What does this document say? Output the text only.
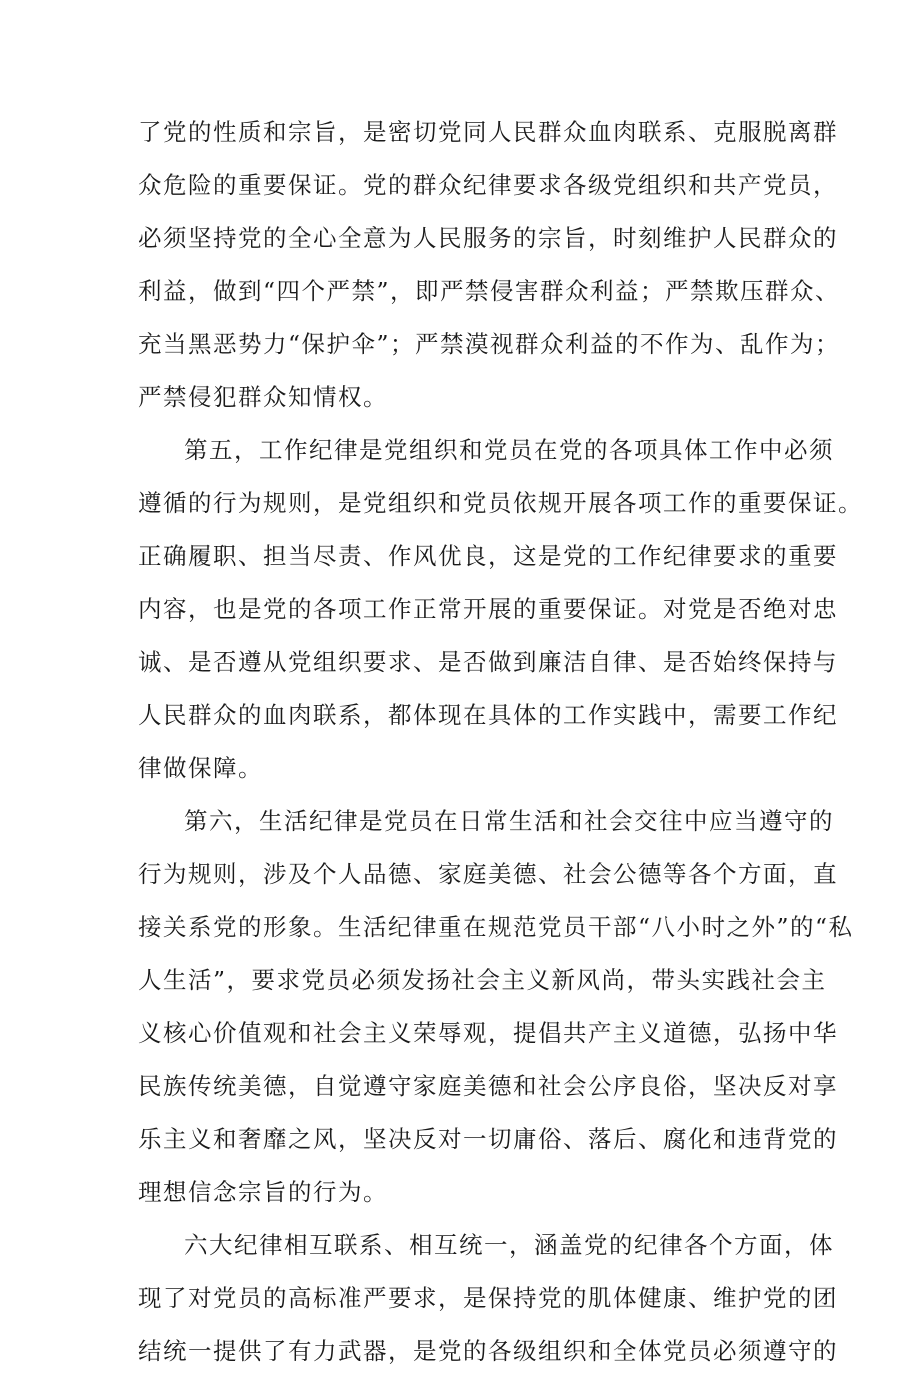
了党的性质和宗旨，是密切党同人民群众血肉联系、克服脱离群
众危险的重要保证。党的群众纪律要求各级党组织和共产党员，
必须坚持党的全心全意为人民服务的宗旨，时刻维护人民群众的
利益，做到“四个严禁”，即严禁侵害群众利益；严禁欺压群众、
充当黑恶势力“保护伞”；严禁漠视群众利益的不作为、乱作为；
严禁侵犯群众知情权。
第五，工作纪律是党组织和党员在党的各项具体工作中必须
遵循的行为规则，是党组织和党员依规开展各项工作的重要保证。
正确履职、担当尽责、作风优良，这是党的工作纪律要求的重要
内容，也是党的各项工作正常开展的重要保证。对党是否绝对忠
诚、是否遵从党组织要求、是否做到廉洁自律、是否始终保持与
人民群众的血肉联系，都体现在具体的工作实践中，需要工作纪
律做保障。
第六，生活纪律是党员在日常生活和社会交往中应当遵守的
行为规则，涉及个人品德、家庭美德、社会公德等各个方面，直
接关系党的形象。生活纪律重在规范党员干部“八小时之外”的“私
人生活”，要求党员必须发扬社会主义新风尚，带头实践社会主
义核心价值观和社会主义荣辱观，提倡共产主义道德，弘扬中华
民族传统美德，自觉遵守家庭美德和社会公序良俗，坚决反对享
乐主义和奢靡之风，坚决反对一切庸俗、落后、腐化和违背党的
理想信念宗旨的行为。
六大纪律相互联系、相互统一，涵盖党的纪律各个方面，体
现了对党员的高标准严要求，是保持党的肌体健康、维护党的团
结统一提供了有力武器，是党的各级组织和全体党员必须遵守的
